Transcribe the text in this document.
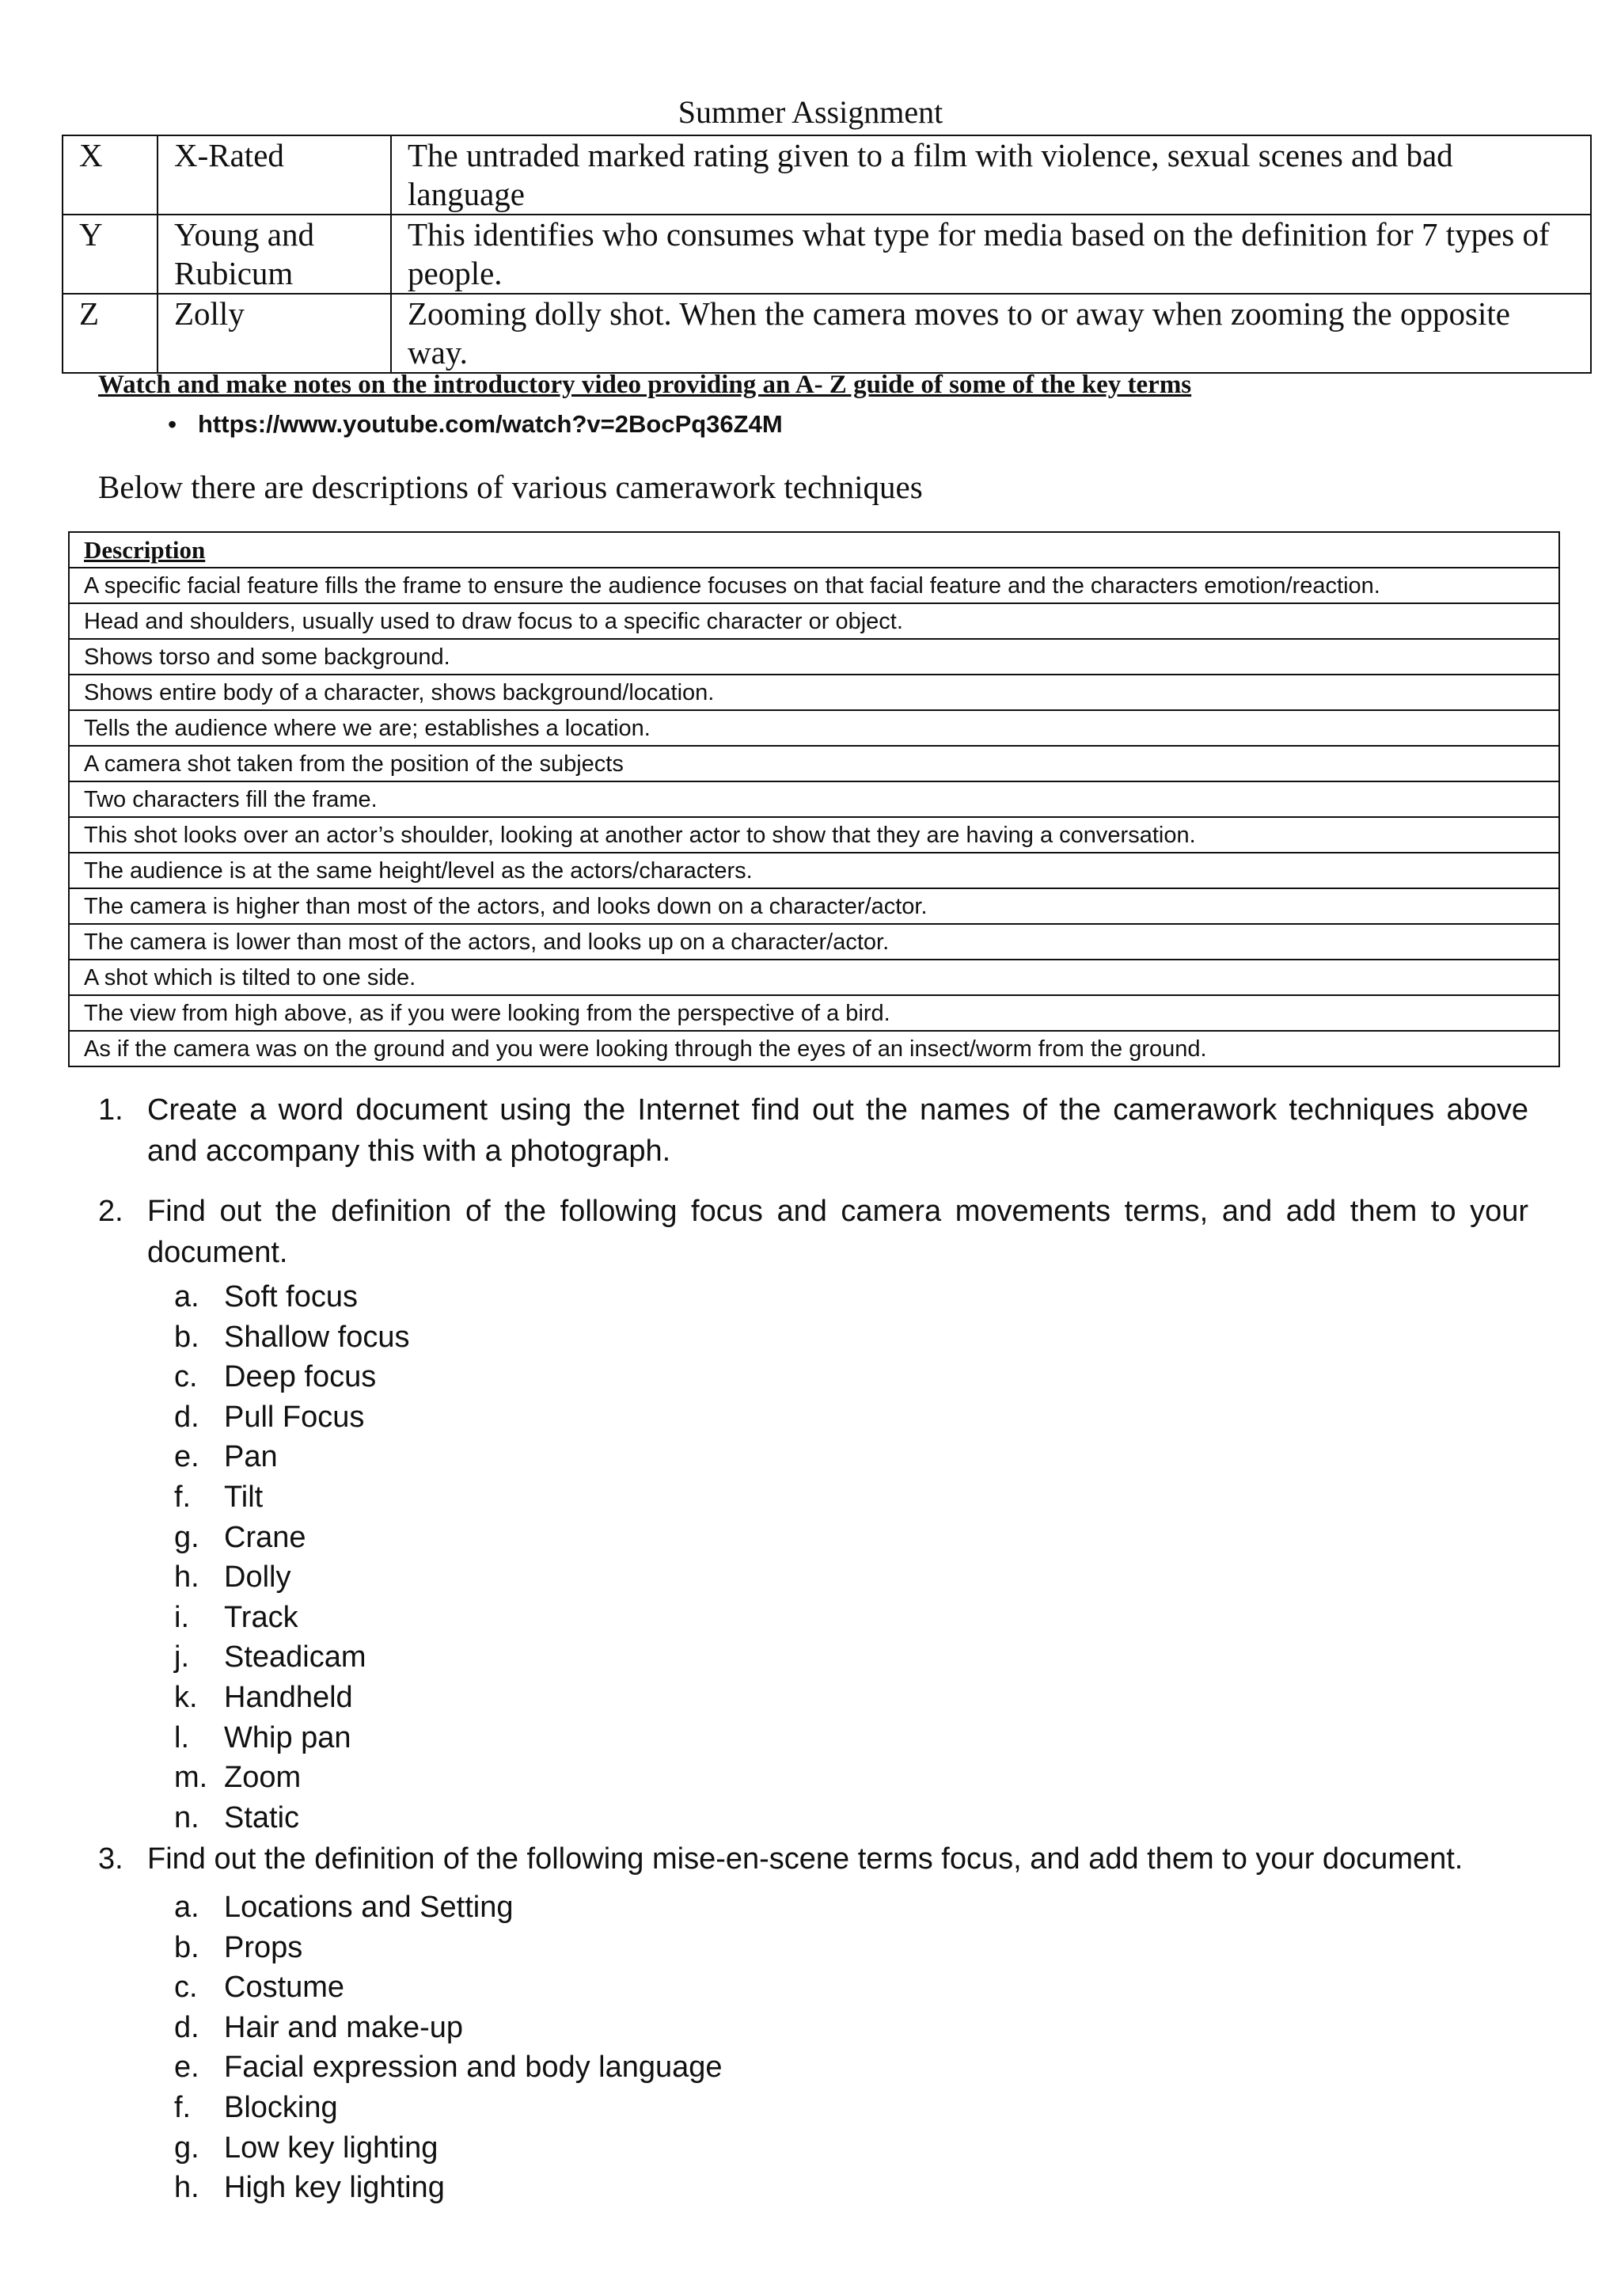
Summer Assignment
X	X-Rated	The untraded marked rating given to a film with violence, sexual scenes and bad language
Y	Young and Rubicum	This identifies who consumes what type for media based on the definition for 7 types of people.
Z	Zolly	Zooming dolly shot. When the camera moves to or away when zooming the opposite way.
Watch and make notes on the introductory video providing an A- Z guide of some of the key terms
• https://www.youtube.com/watch?v=2BocPq36Z4M
Below there are descriptions of various camerawork techniques
Description
A specific facial feature fills the frame to ensure the audience focuses on that facial feature and the characters emotion/reaction.
Head and shoulders, usually used to draw focus to a specific character or object.
Shows torso and some background.
Shows entire body of a character, shows background/location.
Tells the audience where we are; establishes a location.
A camera shot taken from the position of the subjects
Two characters fill the frame.
This shot looks over an actor’s shoulder, looking at another actor to show that they are having a conversation.
The audience is at the same height/level as the actors/characters.
The camera is higher than most of the actors, and looks down on a character/actor.
The camera is lower than most of the actors, and looks up on a character/actor.
A shot which is tilted to one side.
The view from high above, as if you were looking from the perspective of a bird.
As if the camera was on the ground and you were looking through the eyes of an insect/worm from the ground.
1. Create a word document using the Internet find out the names of the camerawork techniques above and accompany this with a photograph.
2. Find out the definition of the following focus and camera movements terms, and add them to your document.
a. Soft focus
b. Shallow focus
c. Deep focus
d. Pull Focus
e. Pan
f. Tilt
g. Crane
h. Dolly
i. Track
j. Steadicam
k. Handheld
l. Whip pan
m. Zoom
n. Static
3. Find out the definition of the following mise-en-scene terms focus, and add them to your document.
a. Locations and Setting
b. Props
c. Costume
d. Hair and make-up
e. Facial expression and body language
f. Blocking
g. Low key lighting
h. High key lighting
